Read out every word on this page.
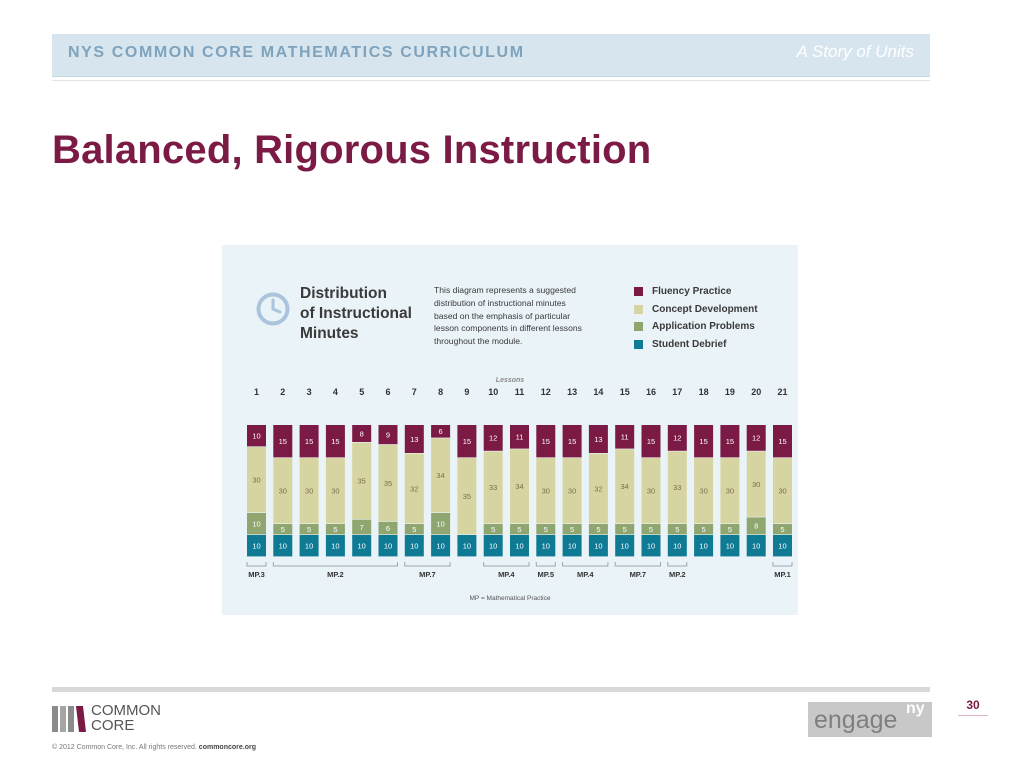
NYS COMMON CORE MATHEMATICS CURRICULUM	A Story of Units
Balanced, Rigorous Instruction
Distribution
of Instructional
Minutes
This diagram represents a suggested
distribution of instructional minutes
based on the emphasis of particular
lesson components in different lessons
throughout the module.
Fluency Practice
Concept Development
Application Problems
Student Debrief
Lessons
1
10
10
30
10
2
10
5
30
15
3
10
5
30
15
4
10
5
30
15
5
10
7
35
8
6
10
6
35
9
7
10
5
32
13
8
10
10
34
6
9
10
35
15
10
10
5
33
12
11
10
5
34
11
12
10
5
30
15
13
10
5
30
15
14
10
5
32
13
15
10
5
34
11
16
10
5
30
15
17
10
5
33
12
18
10
5
30
15
19
10
5
30
15
20
10
8
30
12
21
10
5
30
15
MP.3	MP.2	MP.7	MP.4	MP.5	MP.4	MP.7	MP.2	MP.1
MP = Mathematical Practice
COMMON
CORE
© 2012 Common Core, Inc. All rights reserved. commoncore.org
engage ny	30
